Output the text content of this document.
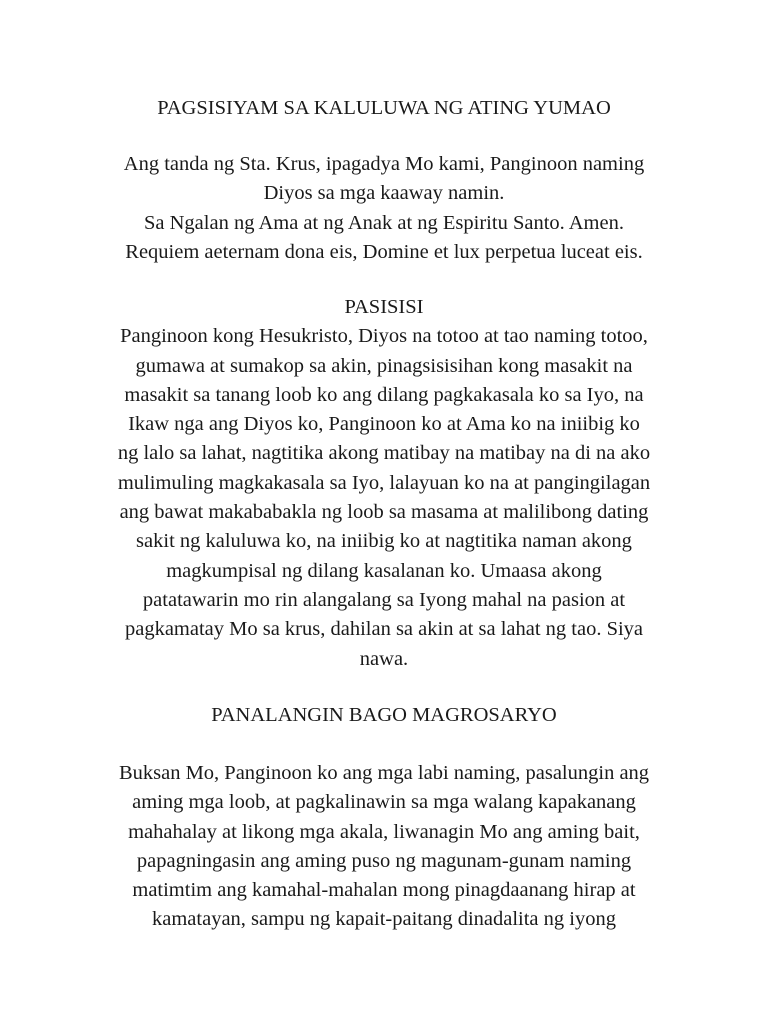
PAGSISIYAM SA KALULUWA NG ATING YUMAO
Ang tanda ng Sta. Krus, ipagadya Mo kami, Panginoon naming
Diyos sa mga kaaway namin.
Sa Ngalan ng Ama at ng Anak at ng Espiritu Santo. Amen.
Requiem aeternam dona eis, Domine et lux perpetua luceat eis.
PASISISI
Panginoon kong Hesukristo, Diyos na totoo at tao naming totoo,
gumawa at sumakop sa akin, pinagsisisihan kong masakit na
masakit sa tanang loob ko ang dilang pagkakasala ko sa Iyo, na
Ikaw nga ang Diyos ko, Panginoon ko at Ama ko na iniibig ko
ng lalo sa lahat, nagtitika akong matibay na matibay na di na ako
mulimuling magkakasala sa Iyo, lalayuan ko na at pangingilagan
ang bawat makababakla ng loob sa masama at malilibong dating
sakit ng kaluluwa ko, na iniibig ko at nagtitika naman akong
magkumpisal ng dilang kasalanan ko. Umaasa akong
patatawarin mo rin alangalang sa Iyong mahal na pasion at
pagkamatay Mo sa krus, dahilan sa akin at sa lahat ng tao. Siya
nawa.
PANALANGIN BAGO MAGROSARYO
Buksan Mo, Panginoon ko ang mga labi naming, pasalungin ang
aming mga loob, at pagkalinawin sa mga walang kapakanang
mahahalay at likong mga akala, liwanagin Mo ang aming bait,
papagningasin ang aming puso ng magunam-gunam naming
matimtim ang kamahal-mahalan mong pinagdaanang hirap at
kamatayan, sampu ng kapait-paitang dinadalita ng iyong
